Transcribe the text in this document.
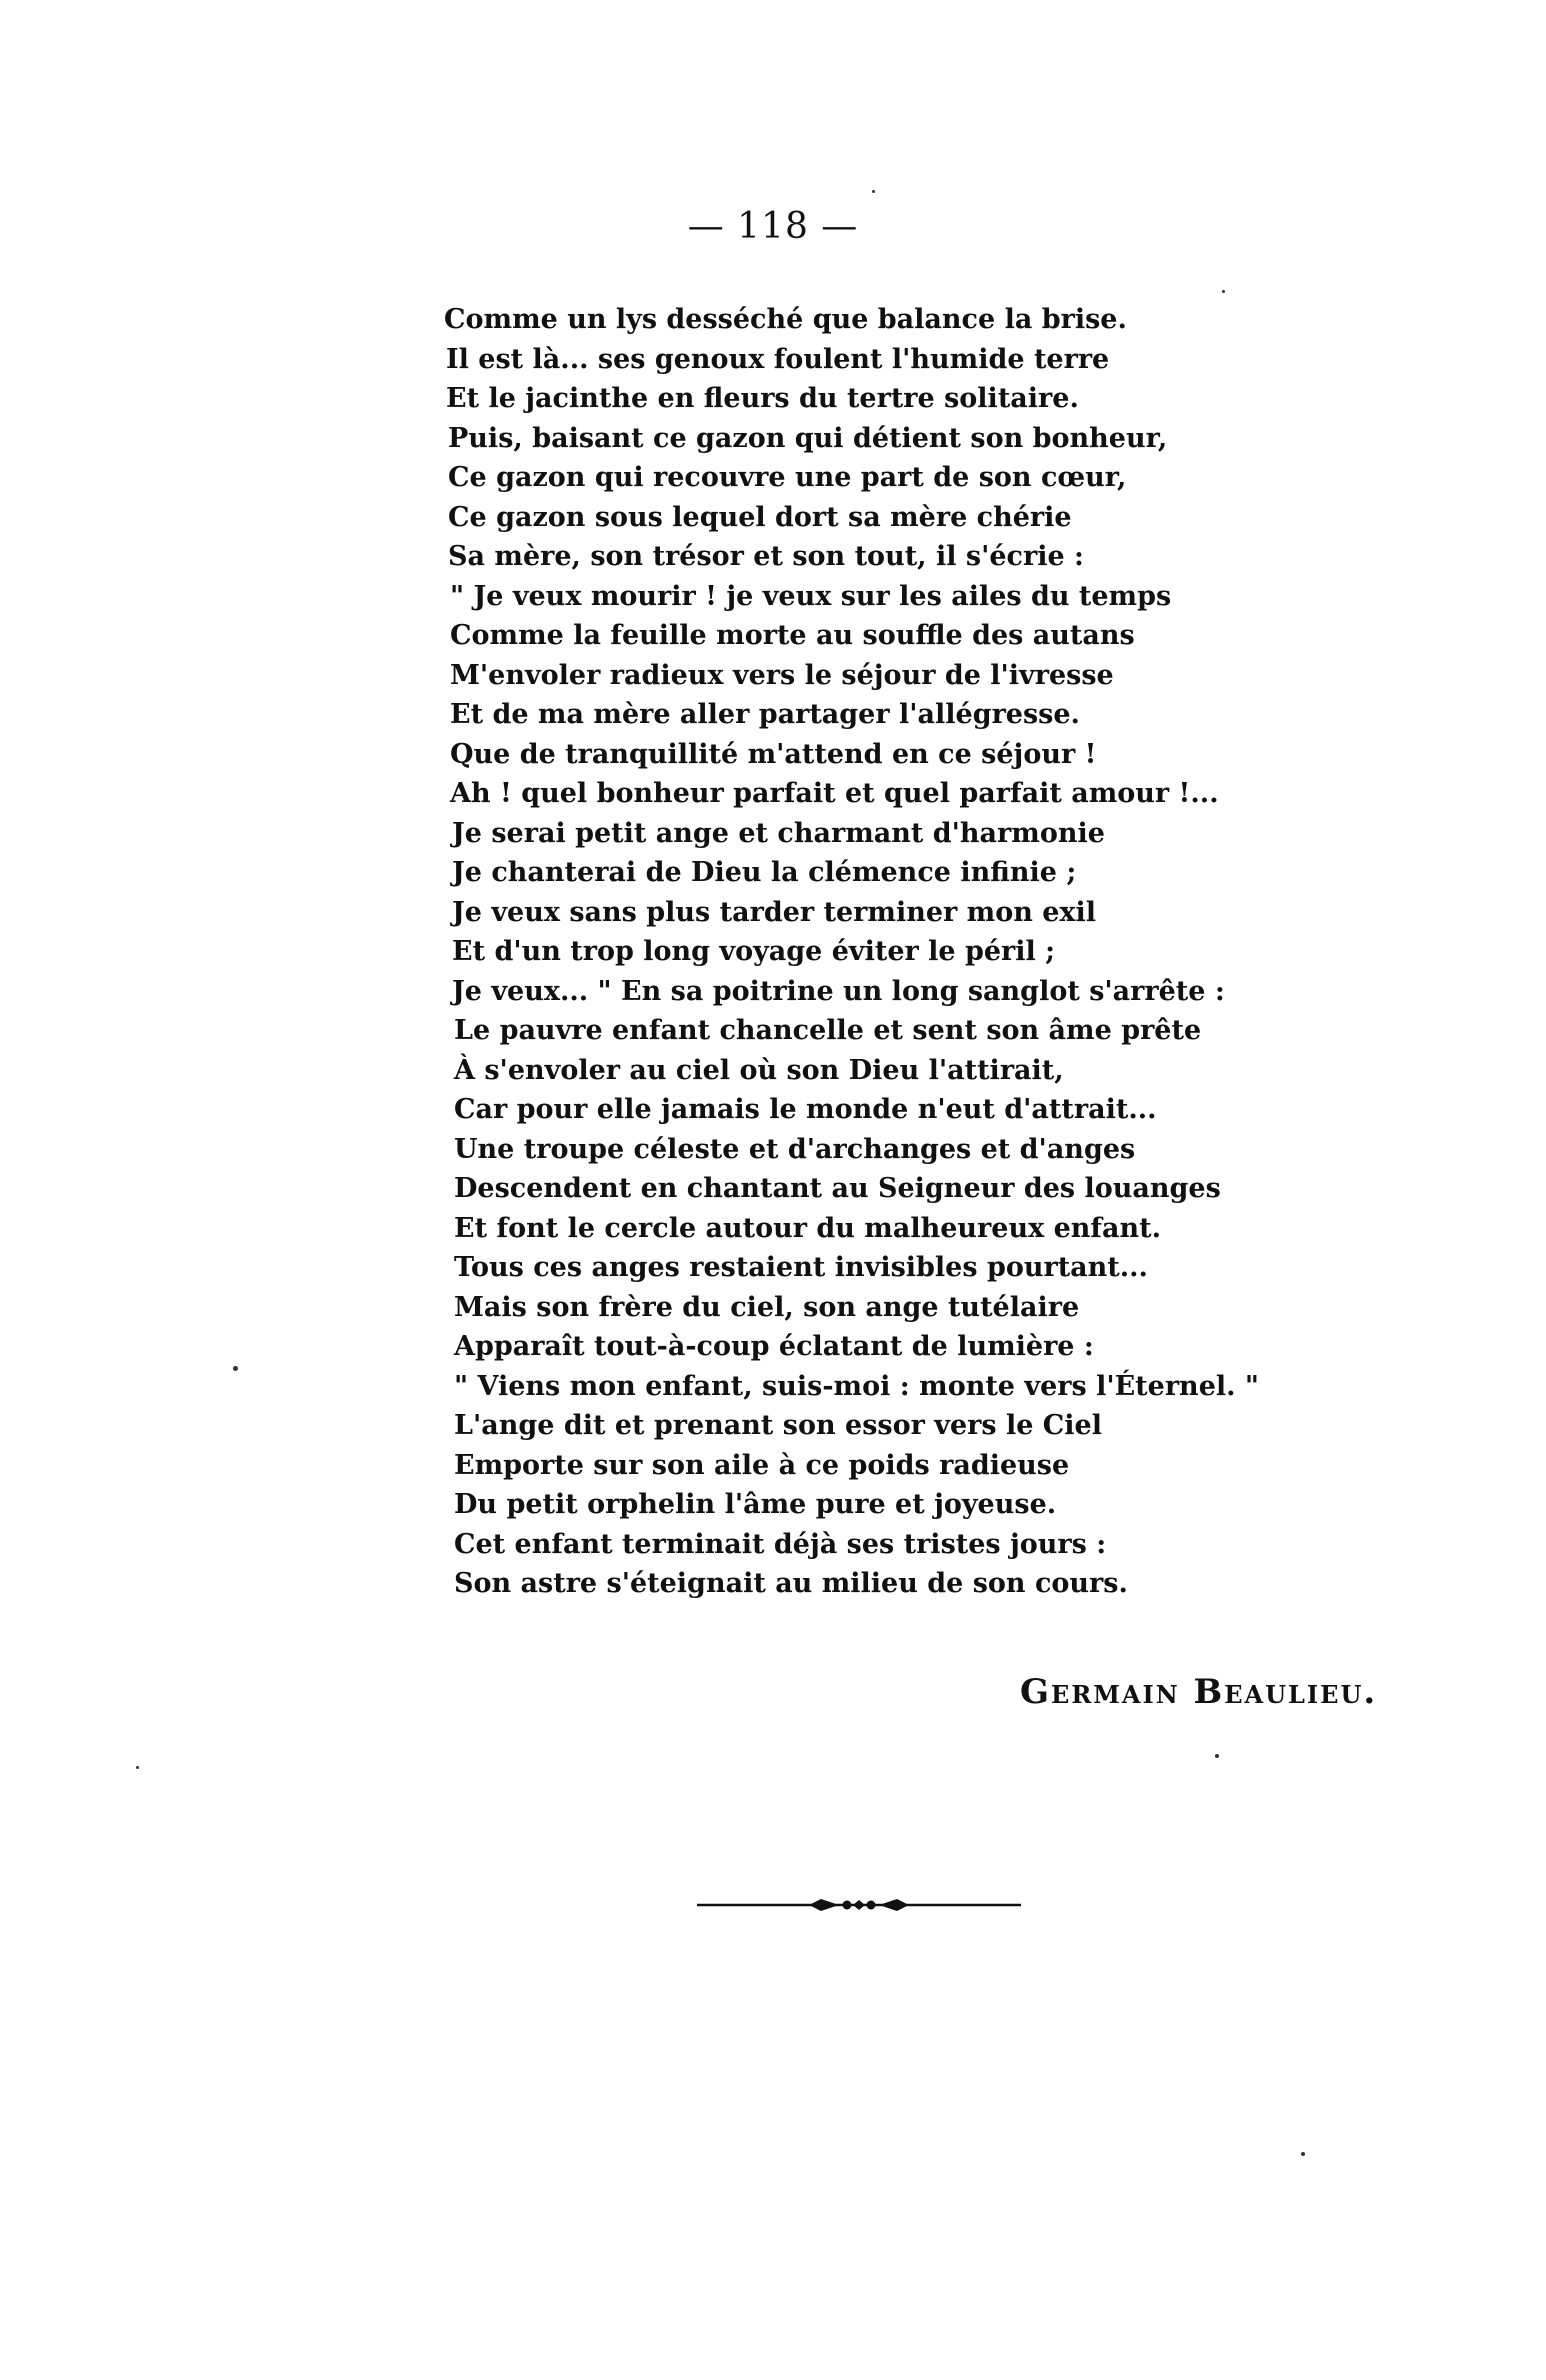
— 118 —
Comme un lys desséché que balance la brise.
Il est là... ses genoux foulent l'humide terre
Et le jacinthe en fleurs du tertre solitaire.
Puis, baisant ce gazon qui détient son bonheur,
Ce gazon qui recouvre une part de son cœur,
Ce gazon sous lequel dort sa mère chérie
Sa mère, son trésor et son tout, il s'écrie :
" Je veux mourir ! je veux sur les ailes du temps
Comme la feuille morte au souffle des autans
M'envoler radieux vers le séjour de l'ivresse
Et de ma mère aller partager l'allégresse.
Que de tranquillité m'attend en ce séjour !
Ah ! quel bonheur parfait et quel parfait amour !...
Je serai petit ange et charmant d'harmonie
Je chanterai de Dieu la clémence infinie ;
Je veux sans plus tarder terminer mon exil
Et d'un trop long voyage éviter le péril ;
Je veux... " En sa poitrine un long sanglot s'arrête :
Le pauvre enfant chancelle et sent son âme prête
À s'envoler au ciel où son Dieu l'attirait,
Car pour elle jamais le monde n'eut d'attrait...
Une troupe céleste et d'archanges et d'anges
Descendent en chantant au Seigneur des louanges
Et font le cercle autour du malheureux enfant.
Tous ces anges restaient invisibles pourtant...
Mais son frère du ciel, son ange tutélaire
Apparaît tout-à-coup éclatant de lumière :
" Viens mon enfant, suis-moi : monte vers l'Éternel. "
L'ange dit et prenant son essor vers le Ciel
Emporte sur son aile à ce poids radieuse
Du petit orphelin l'âme pure et joyeuse.
Cet enfant terminait déjà ses tristes jours :
Son astre s'éteignait au milieu de son cours.
Germain Beaulieu.
